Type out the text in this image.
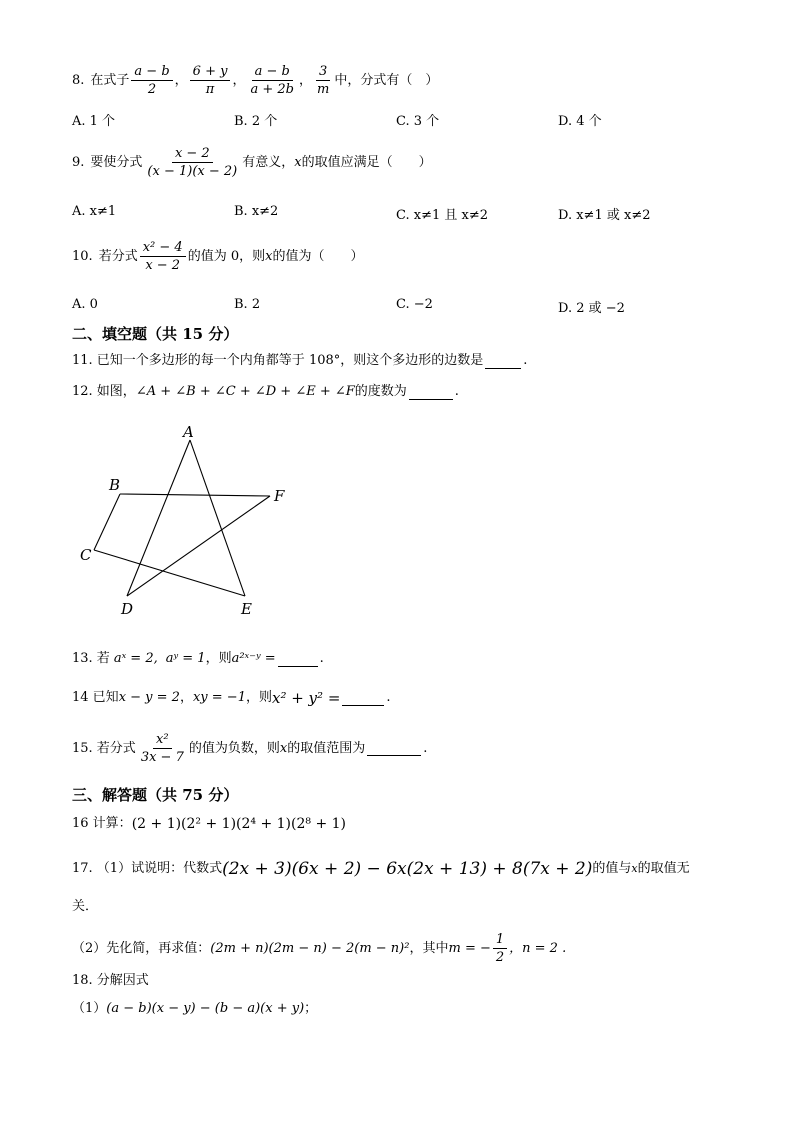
8. 在式子 $\frac{a - b}{2}$ ， $\frac{6 + y}{\pi}$ ， $\frac{a - b}{a + 2b}$ ， $\frac{3}{m}$ 中，分式有（　）
A. 1 个	B. 2 个	C. 3 个	D. 4 个
9. 要使分式 $\frac{x - 2}{(x - 1)(x - 2)}$ 有意义， x 的取值应满足（　　）
A. x≠1	B. x≠2	C. x≠1 且 x≠2	D. x≠1 或 x≠2
10. 若分式 $\frac{\text{x² − 4}}{x - 2}$ 的值为 0，则 x 的值为（　　）
A. 0	B. 2	C. −2	D. 2 或 −2
二、填空题（共 15 分）
11. 已知一个多边形的每一个内角都等于 108°，则这个多边形的边数是	.
12. 如图， ∠A + ∠B + ∠C + ∠D + ∠E + ∠F 的度数为	.
A
B
C
D	E
F
13. 若 aˣ = 2, aʸ = 1 ，则 a²ˣ⁻ʸ =	.
14 已知 x − y = 2 ， xy = −1 ，则 x² + y² =	.
15. 若分式 $\frac{\text{x²}}{3x - 7}$ 的值为负数，则 x 的取值范围为	.
三、解答题（共 75 分）
16 计算： (2 + 1)(2² + 1)(2⁴ + 1)(2⁸ + 1)
17. （1）试说明：代数式 (2x + 3)(6x + 2) − 6x(2x + 13) + 8(7x + 2) 的值与 x 的取值无
关．
（2）先化简，再求值： (2m + n)(2m − n) − 2(m − n)² ，其中 m = − $\frac{1}{2}$ ，n = 2 .
18. 分解因式
（1） (a − b)(x − y) − (b − a)(x + y) ；
